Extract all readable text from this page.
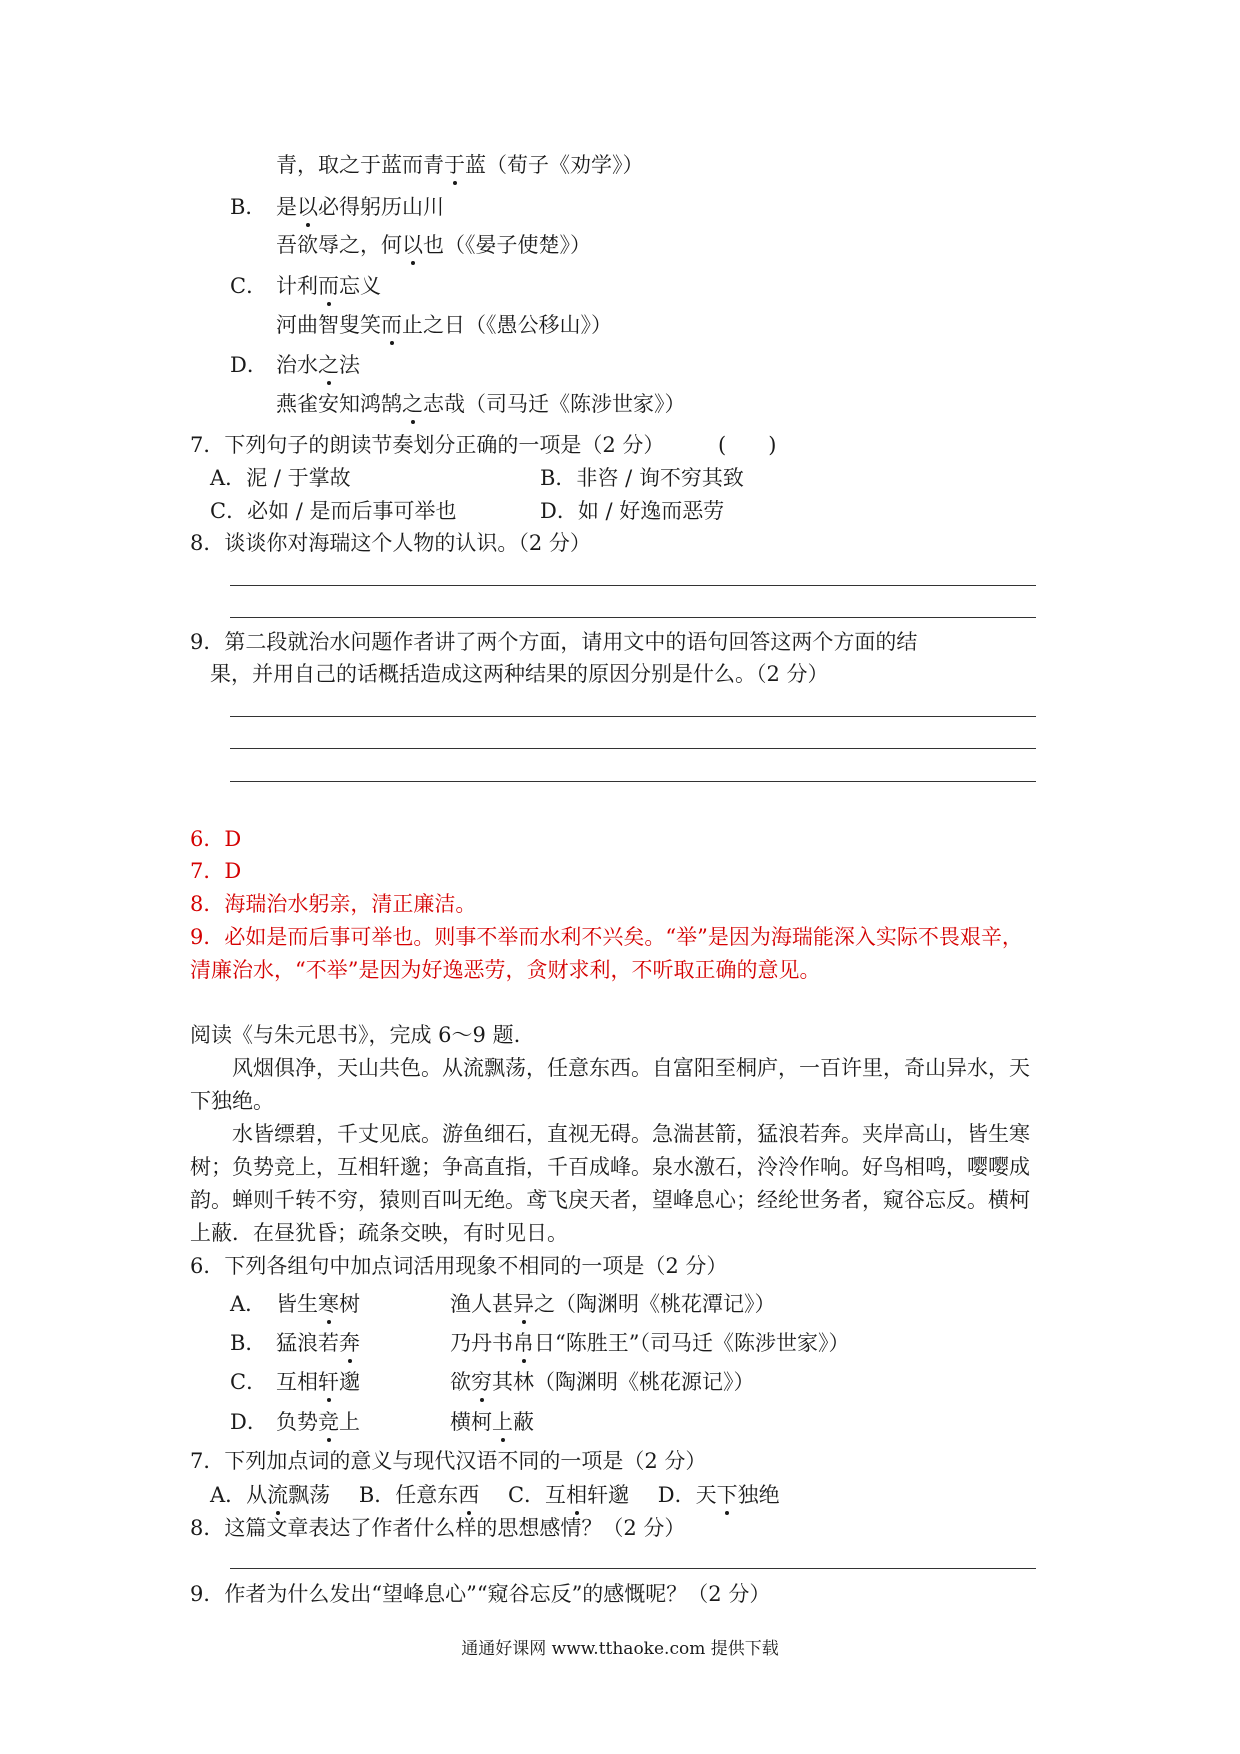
青，取之于蓝而青于蓝（荀子《劝学》）
B． 是以必得躬历山川
吾欲辱之，何以也（《晏子使楚》）
C． 计利而忘义
河曲智叟笑而止之日（《愚公移山》）
D． 治水之法
燕雀安知鸿鹄之志哉（司马迁《陈涉世家》）
7．下列句子的朗读节奏划分正确的一项是（2 分）	(　　)
A．泥 / 于掌故	B．非咨 / 询不穷其致
C．必如 / 是而后事可举也	D．如 / 好逸而恶劳
8．谈谈你对海瑞这个人物的认识。（2 分）
9．第二段就治水问题作者讲了两个方面，请用文中的语句回答这两个方面的结
果，并用自己的话概括造成这两种结果的原因分别是什么。（2 分）
6．D
7．D
8．海瑞治水躬亲，清正廉洁。
9．必如是而后事可举也。则事不举而水利不兴矣。“举”是因为海瑞能深入实际不畏艰辛，
清廉治水，“不举”是因为好逸恶劳，贪财求利，不听取正确的意见。
阅读《与朱元思书》，完成 6～9 题.
风烟俱净，天山共色。从流飘荡，任意东西。自富阳至桐庐，一百许里，奇山异水，天
下独绝。
水皆缥碧，千丈见底。游鱼细石，直视无碍。急湍甚箭，猛浪若奔。夹岸高山，皆生寒
树；负势竞上，互相轩邈；争高直指，千百成峰。泉水激石，泠泠作响。好鸟相鸣，嘤嘤成
韵。蝉则千转不穷，猿则百叫无绝。鸢飞戾天者，望峰息心；经纶世务者，窥谷忘反。横柯
上蔽．在昼犹昏；疏条交映，有时见日。
6．下列各组句中加点词活用现象不相同的一项是（2 分）
A． 皆生寒树	渔人甚异之（陶渊明《桃花潭记》）
B． 猛浪若奔	乃丹书帛日“陈胜王”（司马迁《陈涉世家》）
C． 互相轩邈	欲穷其林（陶渊明《桃花源记》）
D． 负势竞上	横柯上蔽
7．下列加点词的意义与现代汉语不同的一项是（2 分）
A．从流飘荡 B．任意东西 C．互相轩邈 D．天下独绝
8．这篇文章表达了作者什么样的思想感情？（2 分）
9．作者为什么发出“望峰息心”“窥谷忘反”的感慨呢？（2 分）
通通好课网 www.tthaoke.com 提供下载
